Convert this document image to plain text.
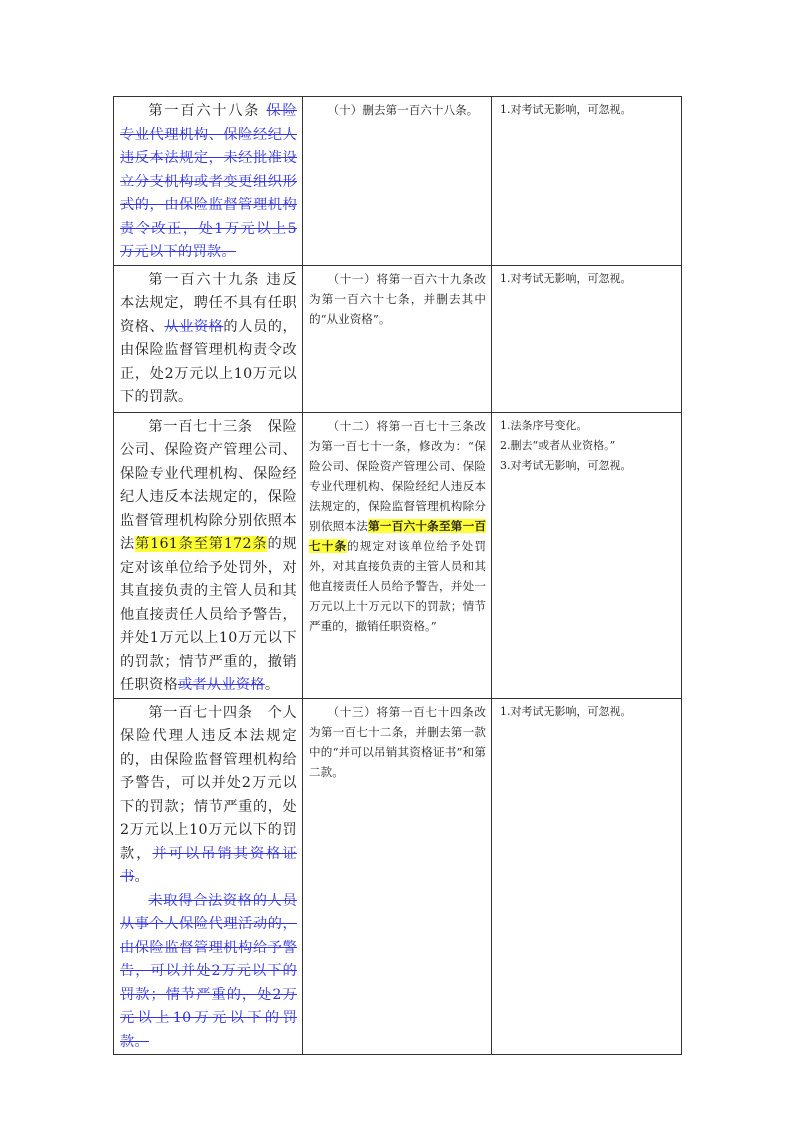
第一百六十八条 保险专业代理机构、保险经纪人违反本法规定，未经批准设立分支机构或者变更组织形式的，由保险监督管理机构责令改正，处1万元以上5万元以下的罚款。	（十）删去第一百六十八条。	1.对考试无影响，可忽视。

第一百六十九条 违反本法规定，聘任不具有任职资格、从业资格的人员的，由保险监督管理机构责令改正，处2万元以上10万元以下的罚款。	（十一）将第一百六十九条改为第一百六十七条，并删去其中的“从业资格”。	1.对考试无影响，可忽视。

第一百七十三条　保险公司、保险资产管理公司、保险专业代理机构、保险经纪人违反本法规定的，保险监督管理机构除分别依照本法第161条至第172条的规定对该单位给予处罚外，对其直接负责的主管人员和其他直接责任人员给予警告，并处1万元以上10万元以下的罚款；情节严重的，撤销任职资格或者从业资格。	（十二）将第一百七十三条改为第一百七十一条，修改为：“保险公司、保险资产管理公司、保险专业代理机构、保险经纪人违反本法规定的，保险监督管理机构除分别依照本法第一百六十条至第一百七十条的规定对该单位给予处罚外，对其直接负责的主管人员和其他直接责任人员给予警告，并处一万元以上十万元以下的罚款；情节严重的，撤销任职资格。”	1.法条序号变化。

2.删去“或者从业资格。”

3.对考试无影响，可忽视。

第一百七十四条　个人保险代理人违反本法规定的，由保险监督管理机构给予警告，可以并处2万元以下的罚款；情节严重的，处2万元以上10万元以下的罚款，并可以吊销其资格证书。

未取得合法资格的人员从事个人保险代理活动的，由保险监督管理机构给予警告，可以并处2万元以下的罚款；情节严重的，处2万元以上10万元以下的罚款。	（十三）将第一百七十四条改为第一百七十二条，并删去第一款中的“并可以吊销其资格证书”和第二款。	1.对考试无影响，可忽视。
